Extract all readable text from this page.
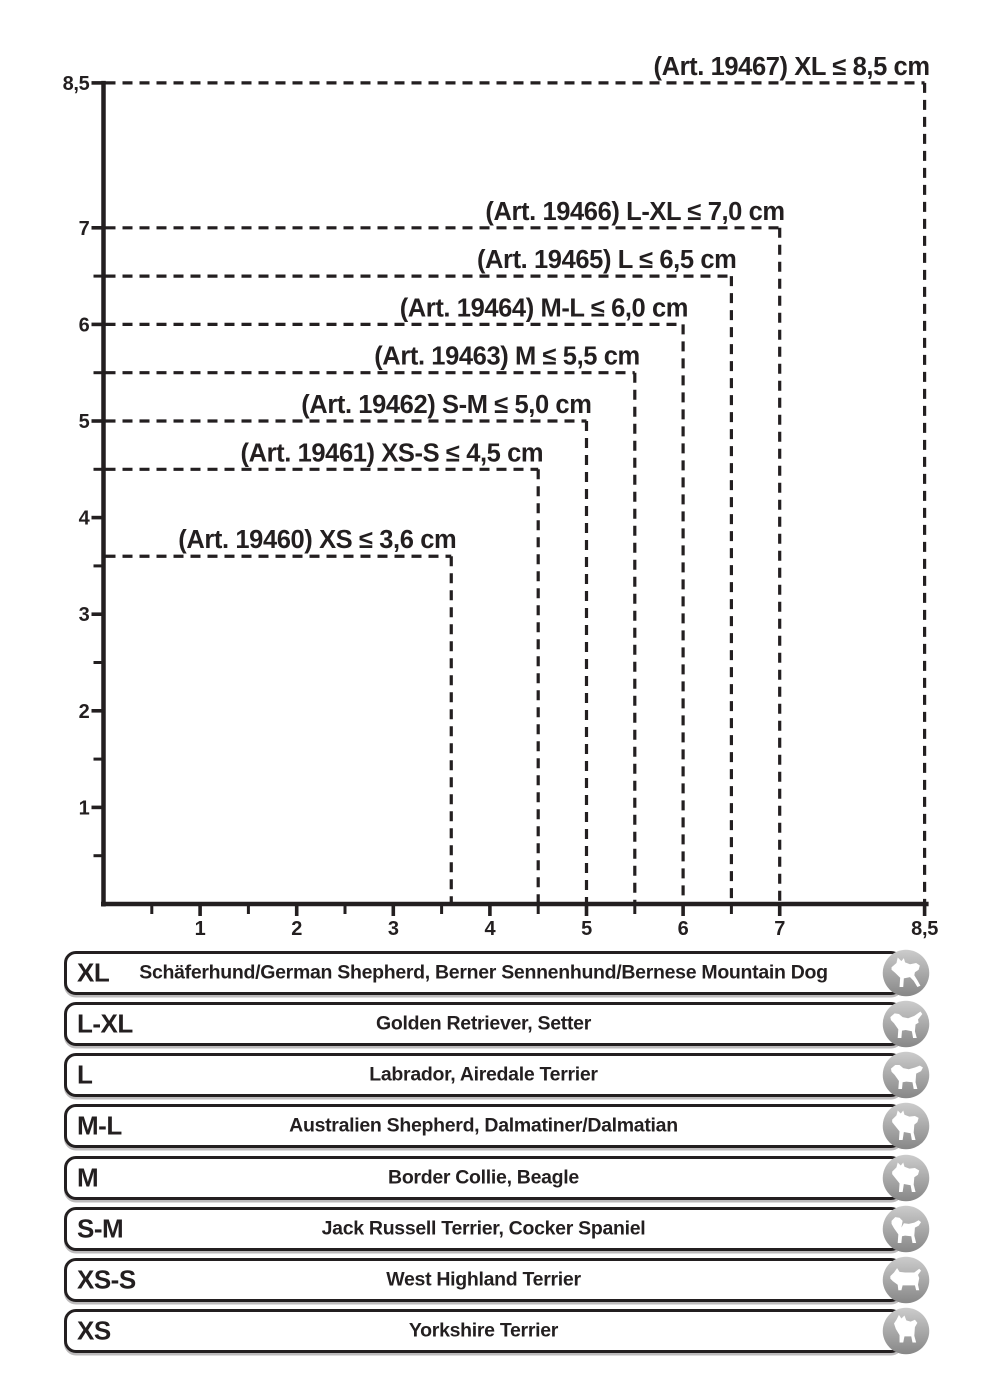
(Art. 19467) XL ≤ 8,5 cm
(Art. 19466) L-XL ≤ 7,0 cm
(Art. 19465) L ≤ 6,5 cm
(Art. 19464) M-L ≤ 6,0 cm
(Art. 19463) M ≤ 5,5 cm
(Art. 19462) S-M ≤ 5,0 cm
(Art. 19461) XS-S ≤ 4,5 cm
(Art. 19460) XS ≤ 3,6 cm
1
1
2
2
3
3
4
4
5
5
6
6
7
7
8,5
8,5
XL	Schäferhund/German Shepherd, Berner Sennenhund/Bernese Mountain Dog
L-XL	Golden Retriever, Setter
L	Labrador, Airedale Terrier
M-L	Australien Shepherd, Dalmatiner/Dalmatian
M	Border Collie, Beagle
S-M	Jack Russell Terrier, Cocker Spaniel
XS-S	West Highland Terrier
XS	Yorkshire Terrier
